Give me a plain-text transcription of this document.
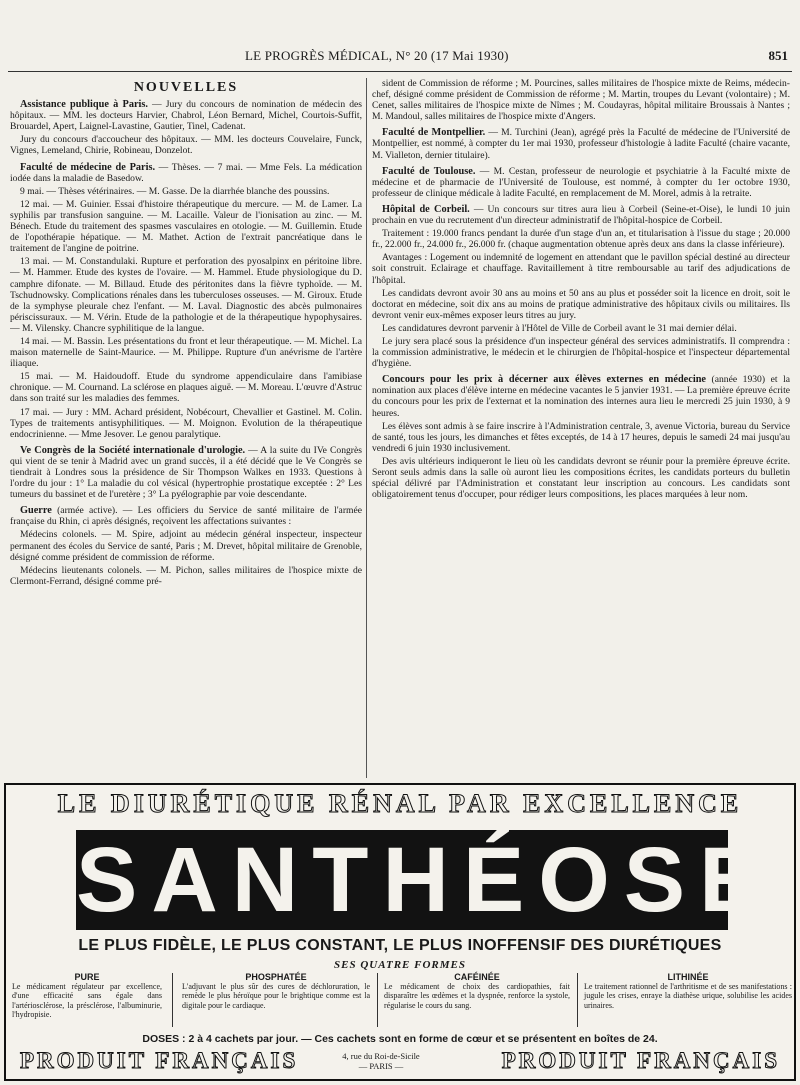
LE PROGRÈS MÉDICAL, N° 20 (17 Mai 1930)	851
NOUVELLES
Assistance publique à Paris. — Jury du concours de nomination de médecin des hôpitaux. — MM. les docteurs Harvier, Chabrol, Léon Bernard, Michel, Courtois-Suffit, Brouardel, Apert, Laignel-Lavastine, Gautier, Tinel, Cadenat.
Jury du concours d'accoucheur des hôpitaux. — MM. les docteurs Couvelaire, Funck, Vignes, Lemeland, Chirie, Robineau, Donzelot.
Faculté de médecine de Paris. — Thèses. — 7 mai. — Mme Fels. La médication iodée dans la maladie de Basedow.
9 mai. — Thèses vétérinaires. — M. Gasse. De la diarrhée blanche des poussins.
12 mai. — M. Guinier. Essai d'histoire thérapeutique du mercure. — M. de Lamer. La syphilis par transfusion sanguine. — M. Lacaille. Valeur de l'ionisation au zinc. — M. Bénech. Etude du traitement des spasmes vasculaires en otologie. — M. Guillemin. Etude de l'opothérapie hépatique. — M. Mathet. Action de l'extrait pancréatique dans le traitement de l'angine de poitrine.
13 mai. — M. Constandulaki. Rupture et perforation des pyosalpinx en péritoine libre. — M. Hammer. Etude des kystes de l'ovaire. — M. Hammel. Etude physiologique du D. camphre difonate. — M. Billaud. Etude des péritonites dans la fièvre typhoïde. — M. Tschudnowsky. Complications rénales dans les tuberculoses osseuses. — M. Giroux. Etude de la symphyse pleurale chez l'enfant. — M. Laval. Diagnostic des abcès pulmonaires périscissuraux. — M. Vérin. Etude de la pathologie et de la thérapeutique hypophysaires. — M. Vilensky. Chancre syphilitique de la langue.
14 mai. — M. Bassin. Les présentations du front et leur thérapeutique. — M. Michel. La maison maternelle de Saint-Maurice. — M. Philippe. Rupture d'un anévrisme de l'artère iliaque.
15 mai. — M. Haidoudoff. Etude du syndrome appendiculaire dans l'amibiase chronique. — M. Cournand. La sclérose en plaques aiguë. — M. Moreau. L'œuvre d'Astruc dans son traité sur les maladies des femmes.
17 mai. — Jury : MM. Achard président, Nobécourt, Chevallier et Gastinel. M. Colin. Types de traitements antisyphilitiques. — M. Moignon. Evolution de la thérapeutique endocrinienne. — Mme Jesover. Le genou paralytique.
Ve Congrès de la Société internationale d'urologie. — A la suite du IVe Congrès qui vient de se tenir à Madrid avec un grand succès, il a été décidé que le Ve Congrès se tiendrait à Londres sous la présidence de Sir Thompson Walkes en 1933. Questions à l'ordre du jour : 1° La maladie du col vésical (hypertrophie prostatique exceptée : 2° Les tumeurs du bassinet et de l'uretère ; 3° La pyélographie par voie descendante.
Guerre (armée active). — Les officiers du Service de santé militaire de l'armée française du Rhin, ci après désignés, reçoivent les affectations suivantes :
Médecins colonels. — M. Spire, adjoint au médecin général inspecteur, inspecteur permanent des écoles du Service de santé, Paris ; M. Drevet, hôpital militaire de Grenoble, désigné comme président de commission de réforme.
Médecins lieutenants colonels. — M. Pichon, salles militaires de l'hospice mixte de Clermont-Ferrand, désigné comme pré-
sident de Commission de réforme ; M. Pourcines, salles militaires de l'hospice mixte de Reims, médecin-chef, désigné comme président de Commission de réforme ; M. Martin, troupes du Levant (volontaire) ; M. Cenet, salles militaires de l'hospice mixte de Nîmes ; M. Coudayras, hôpital militaire Broussais à Nantes ; M. Mandoul, salles militaires de l'hospice mixte d'Angers.
Faculté de Montpellier. — M. Turchini (Jean), agrégé près la Faculté de médecine de l'Université de Montpellier, est nommé, à compter du 1er mai 1930, professeur d'histologie à ladite Faculté (chaire vacante, M. Vialleton, dernier titulaire).
Faculté de Toulouse. — M. Cestan, professeur de neurologie et psychiatrie à la Faculté mixte de médecine et de pharmacie de l'Université de Toulouse, est nommé, à compter du 1er octobre 1930, professeur de clinique médicale à ladite Faculté, en remplacement de M. Morel, admis à la retraite.
Hôpital de Corbeil. — Un concours sur titres aura lieu à Corbeil (Seine-et-Oise), le lundi 10 juin prochain en vue du recrutement d'un directeur administratif de l'hôpital-hospice de Corbeil.
Traitement : 19.000 francs pendant la durée d'un stage d'un an, et titularisation à l'issue du stage ; 20.000 fr., 22.000 fr., 24.000 fr., 26.000 fr. (chaque augmentation obtenue après deux ans dans la classe inférieure).
Avantages : Logement ou indemnité de logement en attendant que le pavillon spécial destiné au directeur soit construit. Eclairage et chauffage. Ravitaillement à titre remboursable au tarif des adjudications de l'hôpital.
Les candidats devront avoir 30 ans au moins et 50 ans au plus et posséder soit la licence en droit, soit le doctorat en médecine, soit dix ans au moins de pratique administrative des hôpitaux civils ou militaires. Ils devront venir eux-mêmes exposer leurs titres au jury.
Les candidatures devront parvenir à l'Hôtel de Ville de Corbeil avant le 31 mai dernier délai.
Le jury sera placé sous la présidence d'un inspecteur général des services administratifs. Il comprendra : la commission administrative, le médecin et le chirurgien de l'hôpital-hospice et l'inspecteur départemental d'hygiène.
Concours pour les prix à décerner aux élèves externes en médecine (année 1930) et la nomination aux places d'élève interne en médecine vacantes le 5 janvier 1931. — La première épreuve écrite du concours pour les prix de l'externat et la nomination des internes aura lieu le mercredi 25 juin 1930, à 9 heures.
Les élèves sont admis à se faire inscrire à l'Administration centrale, 3, avenue Victoria, bureau du Service de santé, tous les jours, les dimanches et fêtes exceptés, de 14 à 17 heures, depuis le samedi 24 mai jusqu'au vendredi 6 juin 1930 inclusivement.
Des avis ultérieurs indiqueront le lieu où les candidats devront se réunir pour la première épreuve écrite. Seront seuls admis dans la salle où auront lieu les compositions écrites, les candidats porteurs du bulletin spécial délivré par l'Administration et constatant leur inscription au concours. Les candidats sont obligatoirement tenus d'occuper, pour rédiger leurs compositions, les places marquées à leur nom.
LE DIURÉTIQUE RÉNAL PAR EXCELLENCE
SANTHÉOSE
LE PLUS FIDÈLE, LE PLUS CONSTANT, LE PLUS INOFFENSIF DES DIURÉTIQUES
SES QUATRE FORMES
PURE
Le médicament régulateur par excellence, d'une efficacité sans égale dans l'artériosclérose, la présclérose, l'albuminurie, l'hydropisie.
PHOSPHATÉE
L'adjuvant le plus sûr des cures de déchloruration, le remède le plus héroïque pour le brightique comme est la digitale pour le cardiaque.
CAFÉINÉE
Le médicament de choix des cardiopathies, fait disparaître les œdèmes et la dyspnée, renforce la systole, régularise le cours du sang.
LITHINÉE
Le traitement rationnel de l'arthritisme et de ses manifestations : jugule les crises, enraye la diathèse urique, solubilise les acides urinaires.
DOSES : 2 à 4 cachets par jour. — Ces cachets sont en forme de cœur et se présentent en boîtes de 24.
PRODUIT FRANÇAIS	4, rue du Roi-de-Sicile
— PARIS —	PRODUIT FRANÇAIS
